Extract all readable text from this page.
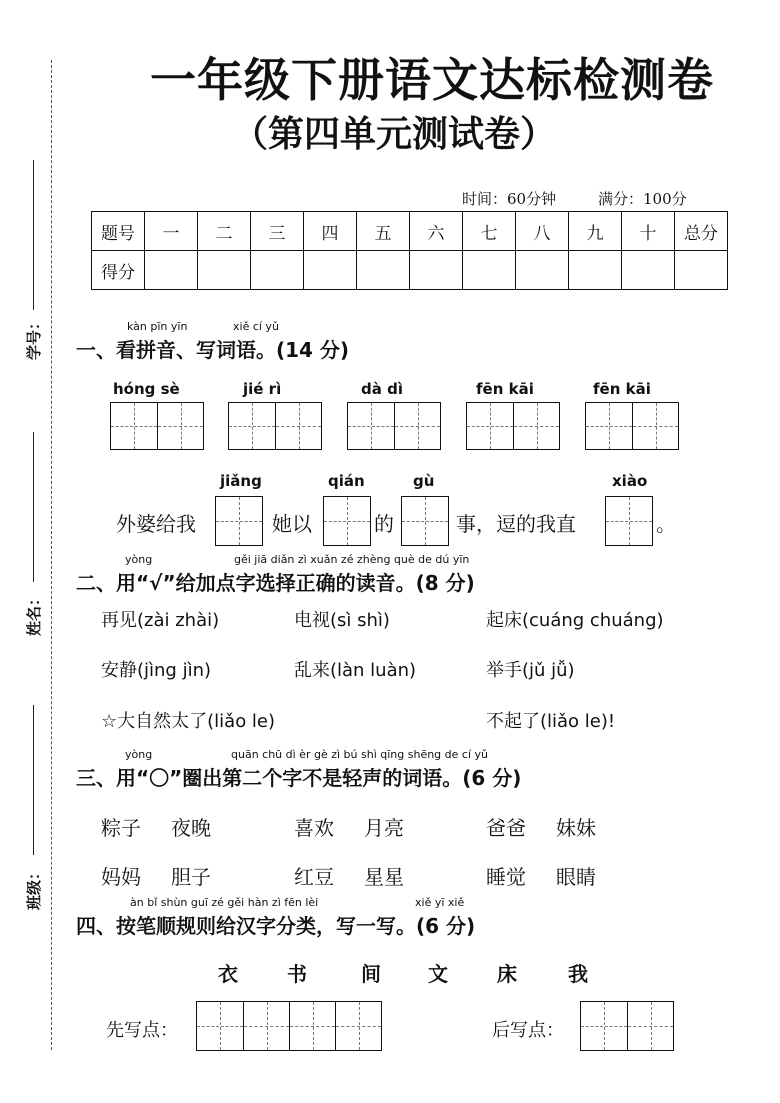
学号：
姓名：
班级：
一年级下册语文达标检测卷
（第四单元测试卷）
时间：60分钟	满分：100分
题号	一	二	三	四	五	六	七	八	九	十	总分
得分											
kàn pīn yīn	xiě cí yǔ
一、看拼音、写词语。(14 分)
hóng sè	jié rì	dà dì	fēn kāi	fēn kāi
jiǎng	qián	gù	xiào
外婆给我	她以	的	事，逗的我直	。
yòng	gěi jiā diǎn zì xuǎn zé zhèng què de dú yīn
二、用“√”给加点字选择正确的读音。(8 分)
再见(zài zhài)	电视(sì shì)	起床(cuáng chuáng)
安静(jìng jìn)	乱来(làn luàn)	举手(jǔ jǚ)
☆大自然太了(liǎo le)	不起了(liǎo le)!
yòng	quān chū dì èr gè zì bú shì qīng shēng de cí yǔ
三、用“〇”圈出第二个字不是轻声的词语。(6 分)
粽子 夜晚	喜欢 月亮	爸爸 妹妹
妈妈 胆子	红豆 星星	睡觉 眼睛
àn bǐ shùn guī zé gěi hàn zì fēn lèi	xiě yī xiě
四、按笔顺规则给汉字分类，写一写。(6 分)
衣 书	间 文 床	我
先写点：	后写点：
